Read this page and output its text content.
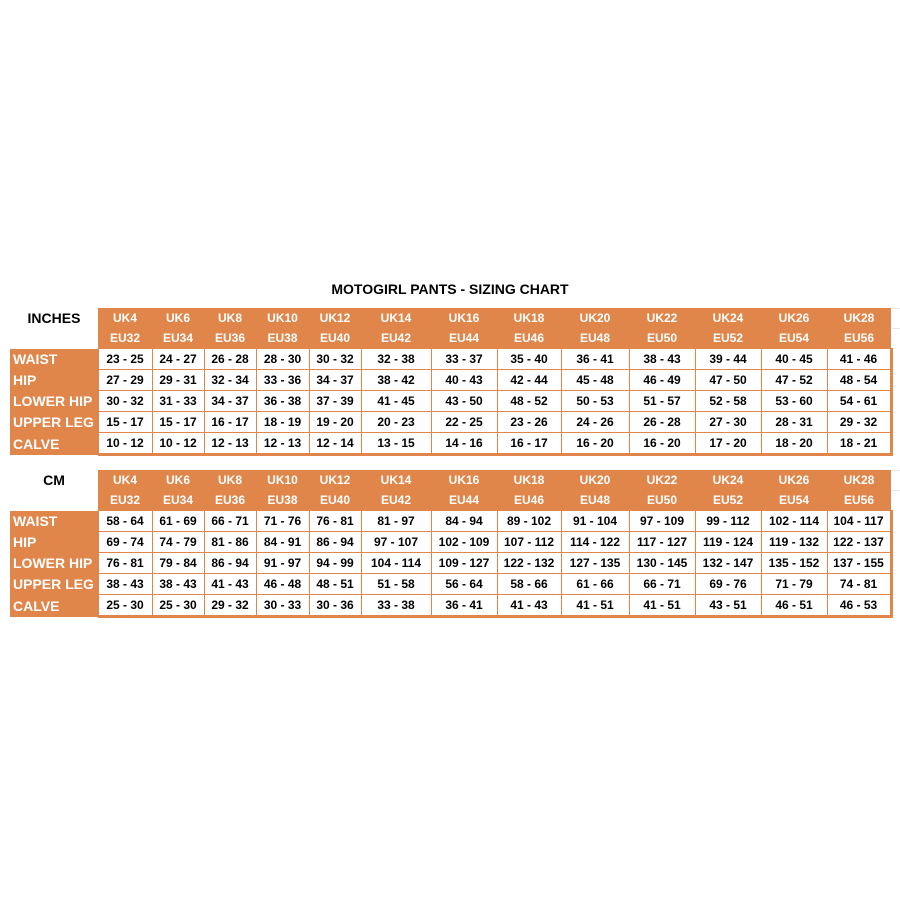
MOTOGIRL PANTS - SIZING CHART
INCHES	UK4	UK6	UK8	UK10	UK12	UK14	UK16	UK18	UK20	UK22	UK24	UK26	UK28
	EU32	EU34	EU36	EU38	EU40	EU42	EU44	EU46	EU48	EU50	EU52	EU54	EU56
WAIST	23 - 25	24 - 27	26 - 28	28 - 30	30 - 32	32 - 38	33 - 37	35 - 40	36 - 41	38 - 43	39 - 44	40 - 45	41 - 46
HIP	27 - 29	29 - 31	32 - 34	33 - 36	34 - 37	38 - 42	40 - 43	42 - 44	45 - 48	46 - 49	47 - 50	47 - 52	48 - 54
LOWER HIP	30 - 32	31 - 33	34 - 37	36 - 38	37 - 39	41 - 45	43 - 50	48 - 52	50 - 53	51 - 57	52 - 58	53 - 60	54 - 61
UPPER LEG	15 - 17	15 - 17	16 - 17	18 - 19	19 - 20	20 - 23	22 - 25	23 - 26	24 - 26	26 - 28	27 - 30	28 - 31	29 - 32
CALVE	10 - 12	10 - 12	12 - 13	12 - 13	12 - 14	13 - 15	14 - 16	16 - 17	16 - 20	16 - 20	17 - 20	18 - 20	18 - 21
CM	UK4	UK6	UK8	UK10	UK12	UK14	UK16	UK18	UK20	UK22	UK24	UK26	UK28
	EU32	EU34	EU36	EU38	EU40	EU42	EU44	EU46	EU48	EU50	EU52	EU54	EU56
WAIST	58 - 64	61 - 69	66 - 71	71 - 76	76 - 81	81 - 97	84 - 94	89 - 102	91 - 104	97 - 109	99 - 112	102 - 114	104 - 117
HIP	69 - 74	74 - 79	81 - 86	84 - 91	86 - 94	97 - 107	102 - 109	107 - 112	114 - 122	117 - 127	119 - 124	119 - 132	122 - 137
LOWER HIP	76 - 81	79 - 84	86 - 94	91 - 97	94 - 99	104 - 114	109 - 127	122 - 132	127 - 135	130 - 145	132 - 147	135 - 152	137 - 155
UPPER LEG	38 - 43	38 - 43	41 - 43	46 - 48	48 - 51	51 - 58	56 - 64	58 - 66	61 - 66	66 - 71	69 - 76	71 - 79	74 - 81
CALVE	25 - 30	25 - 30	29 - 32	30 - 33	30 - 36	33 - 38	36 - 41	41 - 43	41 - 51	41 - 51	43 - 51	46 - 51	46 - 53
